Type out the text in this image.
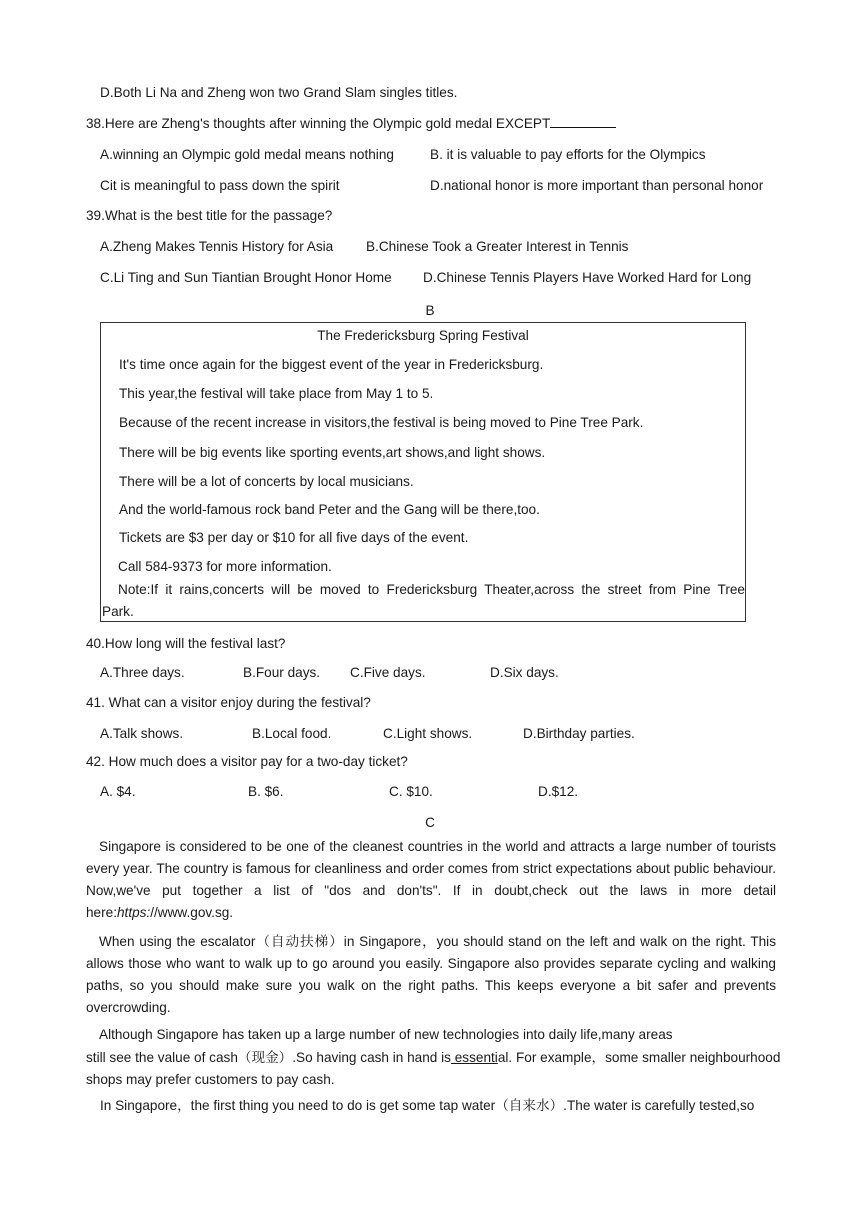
D.Both Li Na and Zheng won two Grand Slam singles titles.
38.Here are Zheng's thoughts after winning the Olympic gold medal EXCEPT
A.winning an Olympic gold medal means nothing	B. it is valuable to pay efforts for the Olympics
Cit is meaningful to pass down the spirit	D.national honor is more important than personal honor
39.What is the best title for the passage?
A.Zheng Makes Tennis History for Asia B.Chinese Took a Greater Interest in Tennis
C.Li Ting and Sun Tiantian Brought Honor Home D.Chinese Tennis Players Have Worked Hard for Long
B
The Fredericksburg Spring Festival
It's time once again for the biggest event of the year in Fredericksburg.
This year,the festival will take place from May 1 to 5.
Because of the recent increase in visitors,the festival is being moved to Pine Tree Park.
There will be big events like sporting events,art shows,and light shows.
There will be a lot of concerts by local musicians.
And the world-famous rock band Peter and the Gang will be there,too.
Tickets are $3 per day or $10 for all five days of the event.
Call 584-9373 for more information.
Note:If it rains,concerts will be moved to Fredericksburg Theater,across the street from Pine Tree
Park.
40.How long will the festival last?
A.Three days.	B.Four days. C.Five days.	D.Six days.
41. What can a visitor enjoy during the festival?
A.Talk shows.	B.Local food.	C.Light shows.	D.Birthday parties.
42. How much does a visitor pay for a two-day ticket?
A. $4.	B. $6.	C. $10.	D.$12.
C

Singapore is considered to be one of the cleanest countries in the world and attracts a large number of tourists every year. The country is famous for cleanliness and order comes from strict expectations about public behaviour. Now,we've put together a list of "dos and don'ts". If in doubt,check out the laws in more detail here:https://www.gov.sg.

When using the escalator（自动扶梯）in Singapore，you should stand on the left and walk on the right. This allows those who want to walk up to go around you easily. Singapore also provides separate cycling and walking paths, so you should make sure you walk on the right paths. This keeps everyone a bit safer and prevents overcrowding.

Although Singapore has taken up a large number of new technologies into daily life,many areas
still see the value of cash（现金）.So having cash in hand is essential. For example，some smaller neighbourhood
shops may prefer customers to pay cash.
In Singapore，the first thing you need to do is get some tap water（自来水）.The water is carefully tested,so
